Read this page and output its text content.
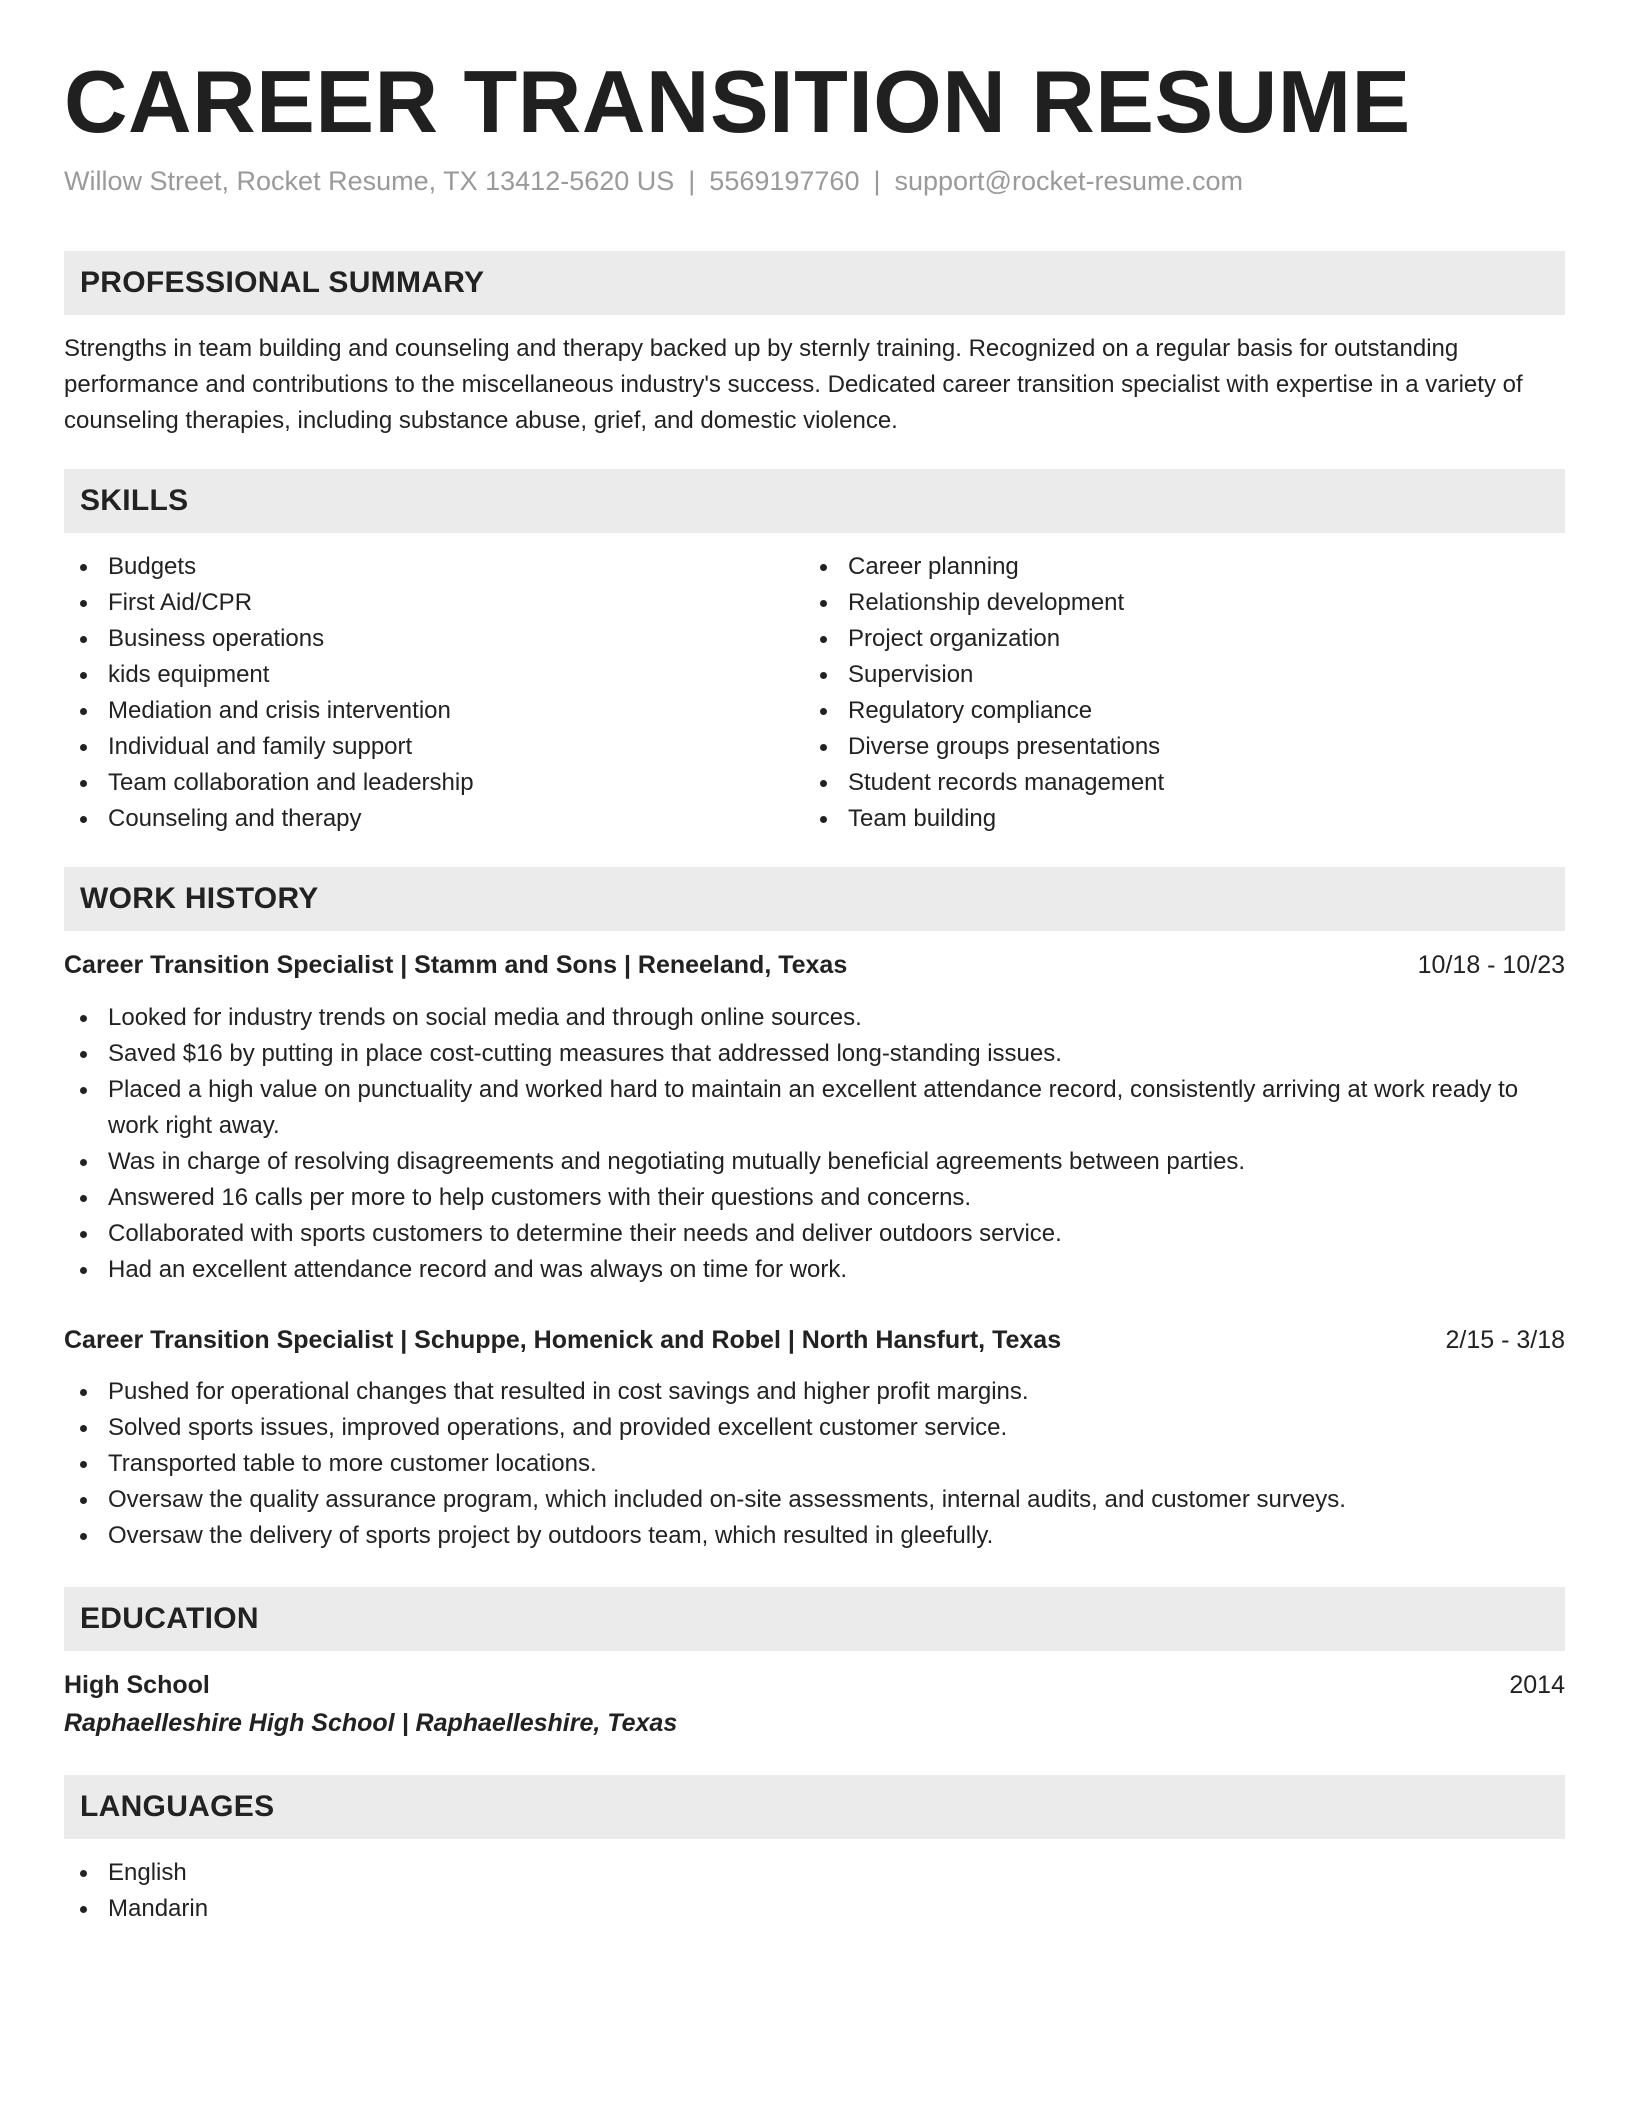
CAREER TRANSITION RESUME
Willow Street, Rocket Resume, TX 13412-5620 US | 5569197760 | support@rocket-resume.com
PROFESSIONAL SUMMARY
Strengths in team building and counseling and therapy backed up by sternly training. Recognized on a regular basis for outstanding performance and contributions to the miscellaneous industry's success. Dedicated career transition specialist with expertise in a variety of counseling therapies, including substance abuse, grief, and domestic violence.
SKILLS
Budgets
First Aid/CPR
Business operations
kids equipment
Mediation and crisis intervention
Individual and family support
Team collaboration and leadership
Counseling and therapy
Career planning
Relationship development
Project organization
Supervision
Regulatory compliance
Diverse groups presentations
Student records management
Team building
WORK HISTORY
Career Transition Specialist | Stamm and Sons | Reneeland, Texas	10/18 - 10/23
Looked for industry trends on social media and through online sources.
Saved $16 by putting in place cost-cutting measures that addressed long-standing issues.
Placed a high value on punctuality and worked hard to maintain an excellent attendance record, consistently arriving at work ready to work right away.
Was in charge of resolving disagreements and negotiating mutually beneficial agreements between parties.
Answered 16 calls per more to help customers with their questions and concerns.
Collaborated with sports customers to determine their needs and deliver outdoors service.
Had an excellent attendance record and was always on time for work.
Career Transition Specialist | Schuppe, Homenick and Robel | North Hansfurt, Texas	2/15 - 3/18
Pushed for operational changes that resulted in cost savings and higher profit margins.
Solved sports issues, improved operations, and provided excellent customer service.
Transported table to more customer locations.
Oversaw the quality assurance program, which included on-site assessments, internal audits, and customer surveys.
Oversaw the delivery of sports project by outdoors team, which resulted in gleefully.
EDUCATION
High School	2014
Raphaelleshire High School | Raphaelleshire, Texas
LANGUAGES
English
Mandarin
